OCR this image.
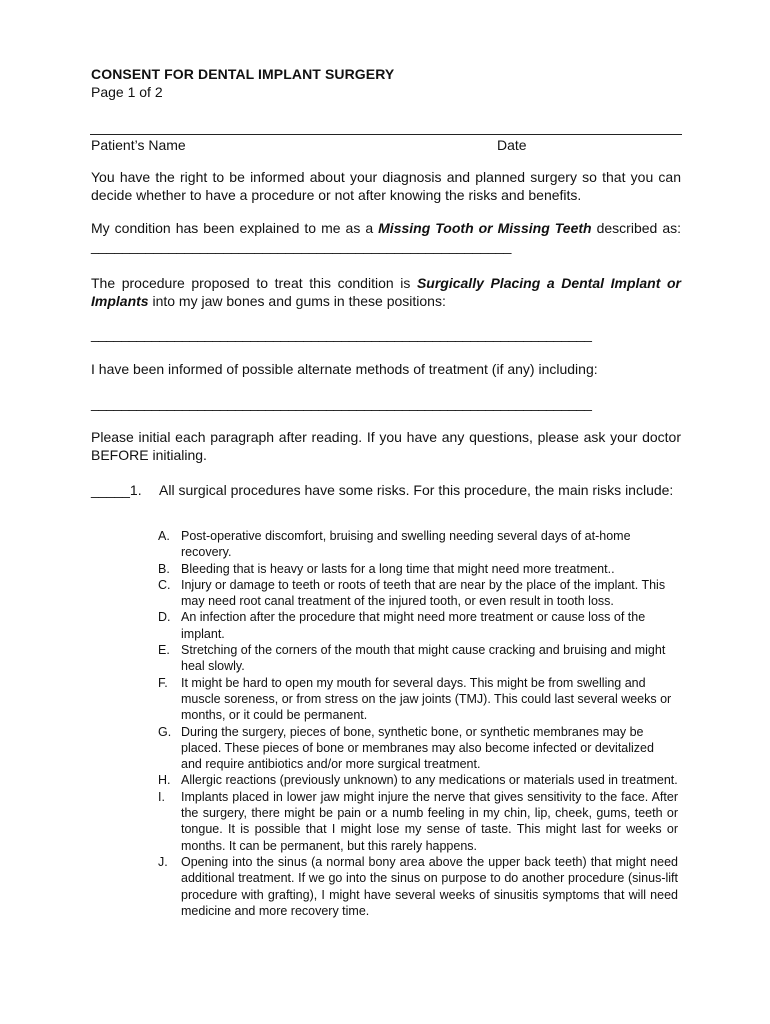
CONSENT FOR DENTAL IMPLANT SURGERY
Page 1 of 2
Patient’s Name	Date
You have the right to be informed about your diagnosis and planned surgery so that you can decide whether to have a procedure or not after knowing the risks and benefits.
My condition has been explained to me as a Missing Tooth or Missing Teeth described as: ______________________________________________________
The procedure proposed to treat this condition is Surgically Placing a Dental Implant or Implants into my jaw bones and gums in these positions:
__________________________________________________________________
I have been informed of possible alternate methods of treatment (if any) including:
__________________________________________________________________
Please initial each paragraph after reading. If you have any questions, please ask your doctor BEFORE initialing.
_____1. All surgical procedures have some risks. For this procedure, the main risks include:
A. Post-operative discomfort, bruising and swelling needing several days of at-home recovery.
B. Bleeding that is heavy or lasts for a long time that might need more treatment..
C. Injury or damage to teeth or roots of teeth that are near by the place of the implant. This may need root canal treatment of the injured tooth, or even result in tooth loss.
D. An infection after the procedure that might need more treatment or cause loss of the implant.
E. Stretching of the corners of the mouth that might cause cracking and bruising and might heal slowly.
F. It might be hard to open my mouth for several days. This might be from swelling and muscle soreness, or from stress on the jaw joints (TMJ). This could last several weeks or months, or it could be permanent.
G. During the surgery, pieces of bone, synthetic bone, or synthetic membranes may be placed. These pieces of bone or membranes may also become infected or devitalized and require antibiotics and/or more surgical treatment.
H. Allergic reactions (previously unknown) to any medications or materials used in treatment.
I. Implants placed in lower jaw might injure the nerve that gives sensitivity to the face. After the surgery, there might be pain or a numb feeling in my chin, lip, cheek, gums, teeth or tongue. It is possible that I might lose my sense of taste. This might last for weeks or months. It can be permanent, but this rarely happens.
J. Opening into the sinus (a normal bony area above the upper back teeth) that might need additional treatment. If we go into the sinus on purpose to do another procedure (sinus-lift procedure with grafting), I might have several weeks of sinusitis symptoms that will need medicine and more recovery time.
